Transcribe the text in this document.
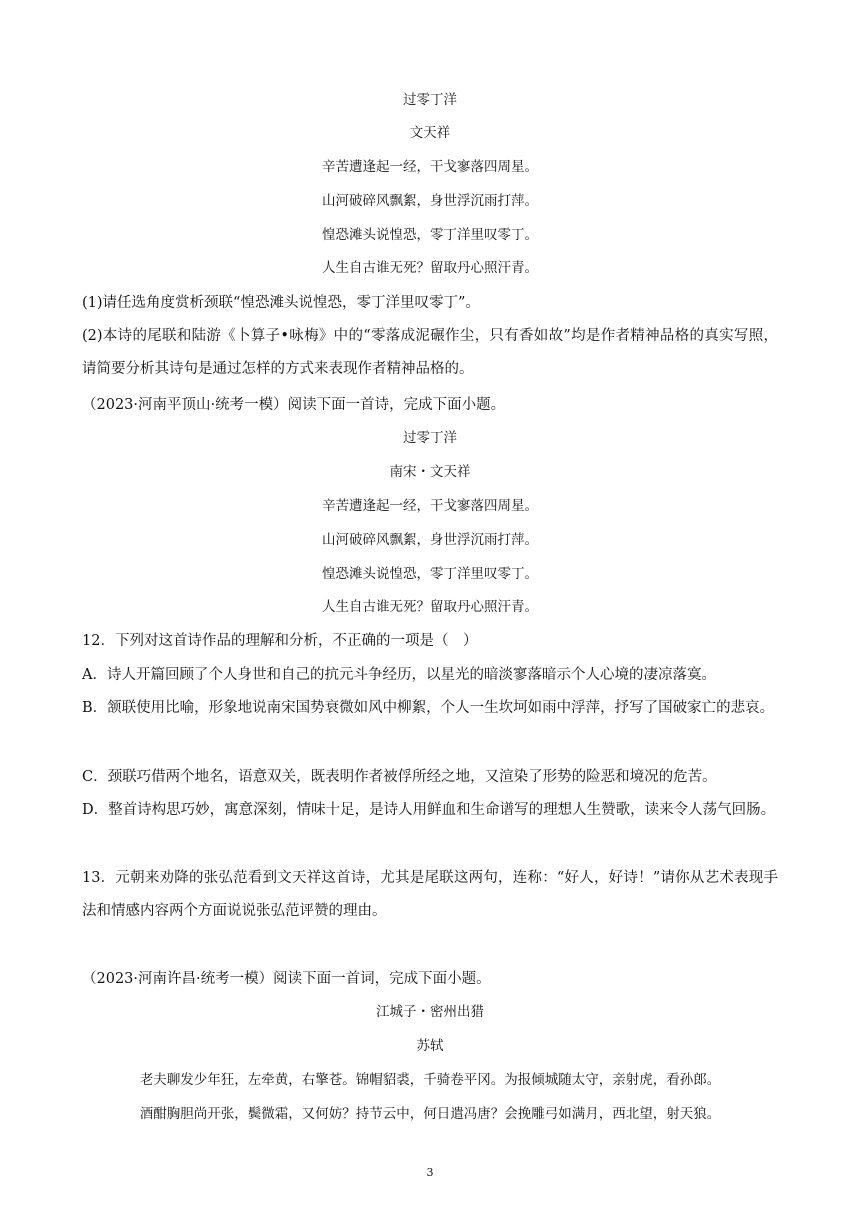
过零丁洋
文天祥
辛苦遭逢起一经，干戈寥落四周星。
山河破碎风飘絮，身世浮沉雨打萍。
惶恐滩头说惶恐，零丁洋里叹零丁。
人生自古谁无死？留取丹心照汗青。
(1)请任选角度赏析颈联“惶恐滩头说惶恐，零丁洋里叹零丁”。
(2)本诗的尾联和陆游《卜算子•咏梅》中的“零落成泥碾作尘，只有香如故”均是作者精神品格的真实写照，请简要分析其诗句是通过怎样的方式来表现作者精神品格的。
（2023·河南平顶山·统考一模）阅读下面一首诗，完成下面小题。
过零丁洋
南宋・文天祥
辛苦遭逢起一经，干戈寥落四周星。
山河破碎风飘絮，身世浮沉雨打萍。
惶恐滩头说惶恐，零丁洋里叹零丁。
人生自古谁无死？留取丹心照汗青。
12．下列对这首诗作品的理解和分析，不正确的一项是（　）
A．诗人开篇回顾了个人身世和自己的抗元斗争经历，以星光的暗淡寥落暗示个人心境的凄凉落寞。
B．颔联使用比喻，形象地说南宋国势衰微如风中柳絮，个人一生坎坷如雨中浮萍，抒写了国破家亡的悲哀。
C．颈联巧借两个地名，语意双关，既表明作者被俘所经之地，又渲染了形势的险恶和境况的危苦。
D．整首诗构思巧妙，寓意深刻，情味十足，是诗人用鲜血和生命谱写的理想人生赞歌，读来令人荡气回肠。
13．元朝来劝降的张弘范看到文天祥这首诗，尤其是尾联这两句，连称：“好人，好诗！”请你从艺术表现手法和情感内容两个方面说说张弘范评赞的理由。
（2023·河南许昌·统考一模）阅读下面一首词，完成下面小题。
江城子・密州出猎
苏轼
老夫聊发少年狂，左牵黄，右擎苍。锦帽貂裘，千骑卷平冈。为报倾城随太守，亲射虎，看孙郎。
酒酣胸胆尚开张，鬓微霜，又何妨？持节云中，何日遣冯唐？会挽雕弓如满月，西北望，射天狼。
3
